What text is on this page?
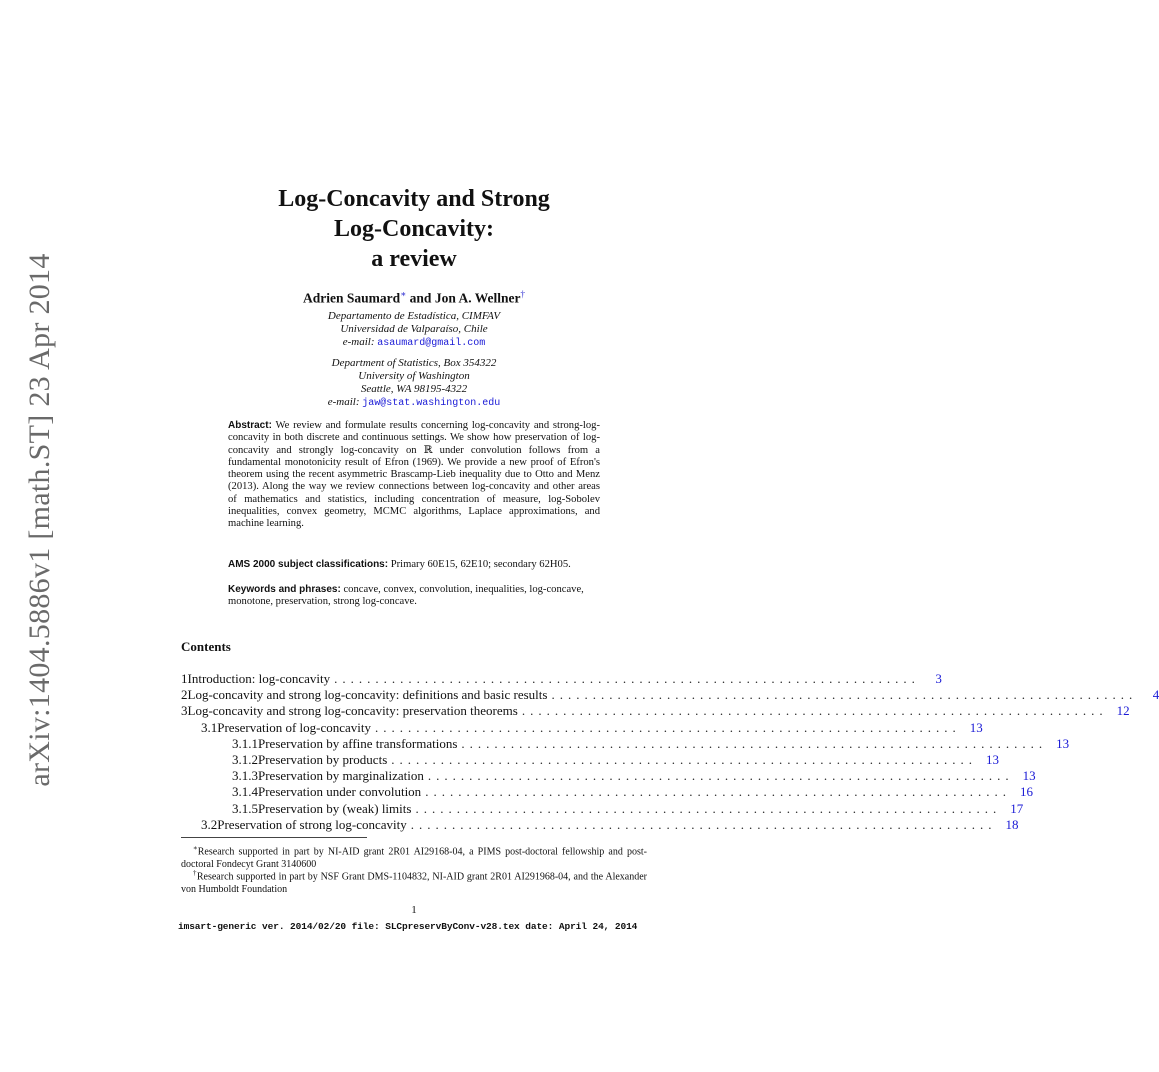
arXiv:1404.5886v1 [math.ST] 23 Apr 2014
Log-Concavity and Strong
Log-Concavity:
a review
Adrien Saumard∗ and Jon A. Wellner†
Departamento de Estadística, CIMFAV
Universidad de Valparaíso, Chile
e-mail: asaumard@gmail.com
Department of Statistics, Box 354322
University of Washington
Seattle, WA 98195-4322
e-mail: jaw@stat.washington.edu
Abstract: We review and formulate results concerning log-concavity and strong-log-concavity in both discrete and continuous settings. We show how preservation of log-concavity and strongly log-concavity on ℝ under convolution follows from a fundamental monotonicity result of Efron (1969). We provide a new proof of Efron's theorem using the recent asymmetric Brascamp-Lieb inequality due to Otto and Menz (2013). Along the way we review connections between log-concavity and other areas of mathematics and statistics, including concentration of measure, log-Sobolev inequalities, convex geometry, MCMC algorithms, Laplace approximations, and machine learning.
AMS 2000 subject classifications: Primary 60E15, 62E10; secondary 62H05.
Keywords and phrases: concave, convex, convolution, inequalities, log-concave, monotone, preservation, strong log-concave.
Contents
1 Introduction: log-concavity .......................................................................	3
2 Log-concavity and strong log-concavity: definitions and basic results .......................................................................	4
3 Log-concavity and strong log-concavity: preservation theorems ....................................................................... 12
3.1 Preservation of log-concavity ....................................................................... 13
3.1.1 Preservation by affine transformations ....................................................................... 13
3.1.2 Preservation by products ....................................................................... 13
3.1.3 Preservation by marginalization ....................................................................... 13
3.1.4 Preservation under convolution ....................................................................... 16
3.1.5 Preservation by (weak) limits ....................................................................... 17
3.2 Preservation of strong log-concavity ....................................................................... 18
∗Research supported in part by NI-AID grant 2R01 AI29168-04, a PIMS post-doctoral fellowship and post-doctoral Fondecyt Grant 3140600
†Research supported in part by NSF Grant DMS-1104832, NI-AID grant 2R01 AI291968-04, and the Alexander von Humboldt Foundation
1
imsart-generic ver. 2014/02/20 file: SLCpreservByConv-v28.tex date: April 24, 2014
